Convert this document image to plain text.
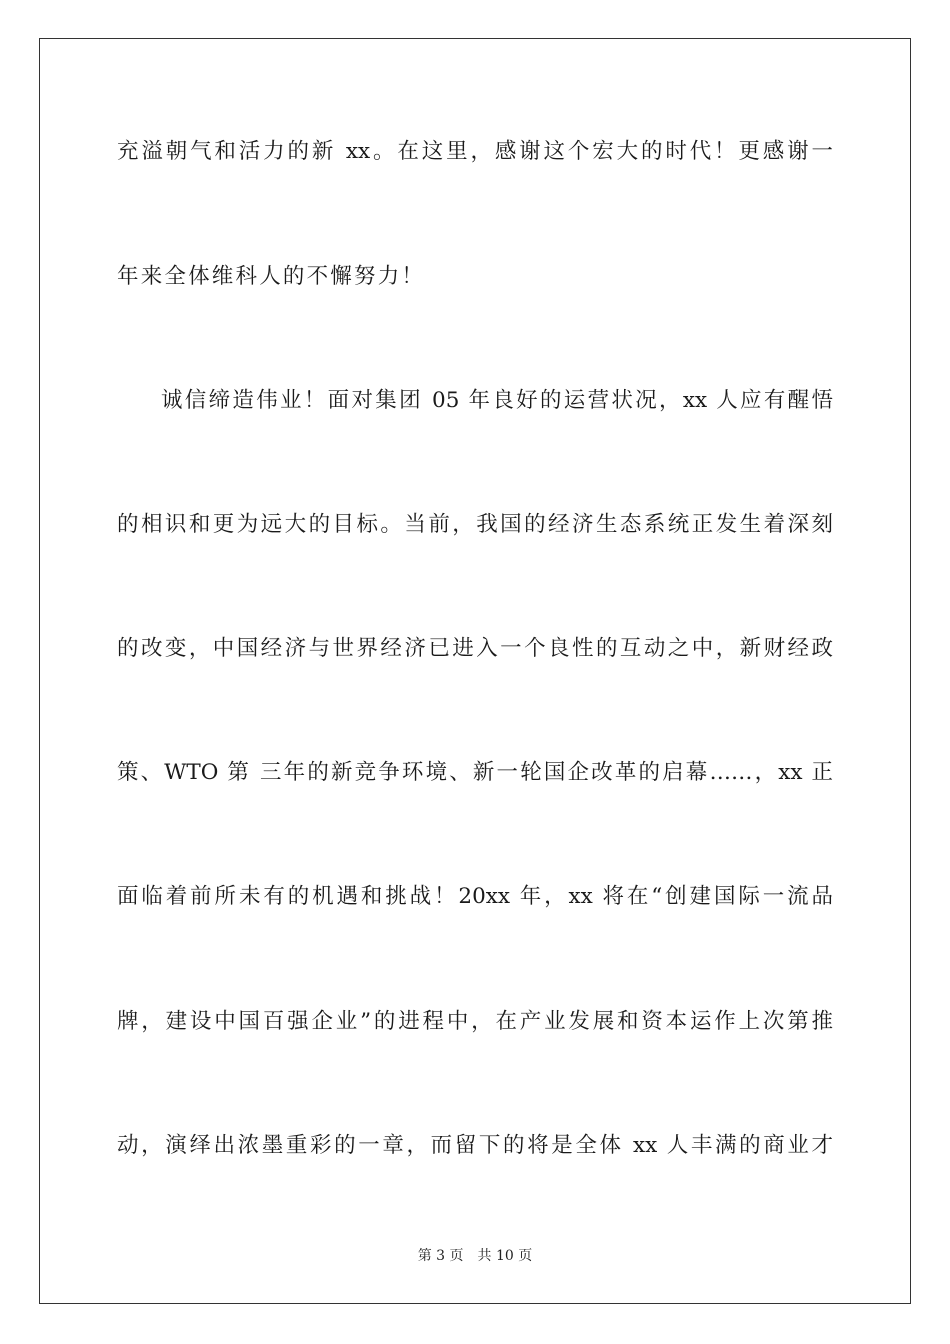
充溢朝气和活力的新 xx。在这里，感谢这个宏大的时代！更感谢一
年来全体维科人的不懈努力！
诚信缔造伟业！面对集团 05 年良好的运营状况，xx 人应有醒悟
的相识和更为远大的目标。当前，我国的经济生态系统正发生着深刻
的改变，中国经济与世界经济已进入一个良性的互动之中，新财经政
策、WTO 第 三年的新竞争环境、新一轮国企改革的启幕……，xx 正
面临着前所未有的机遇和挑战！20xx 年，xx 将在“创建国际一流品
牌，建设中国百强企业”的进程中，在产业发展和资本运作上次第推
动，演绎出浓墨重彩的一章，而留下的将是全体 xx 人丰满的商业才
第 3 页 共 10 页
